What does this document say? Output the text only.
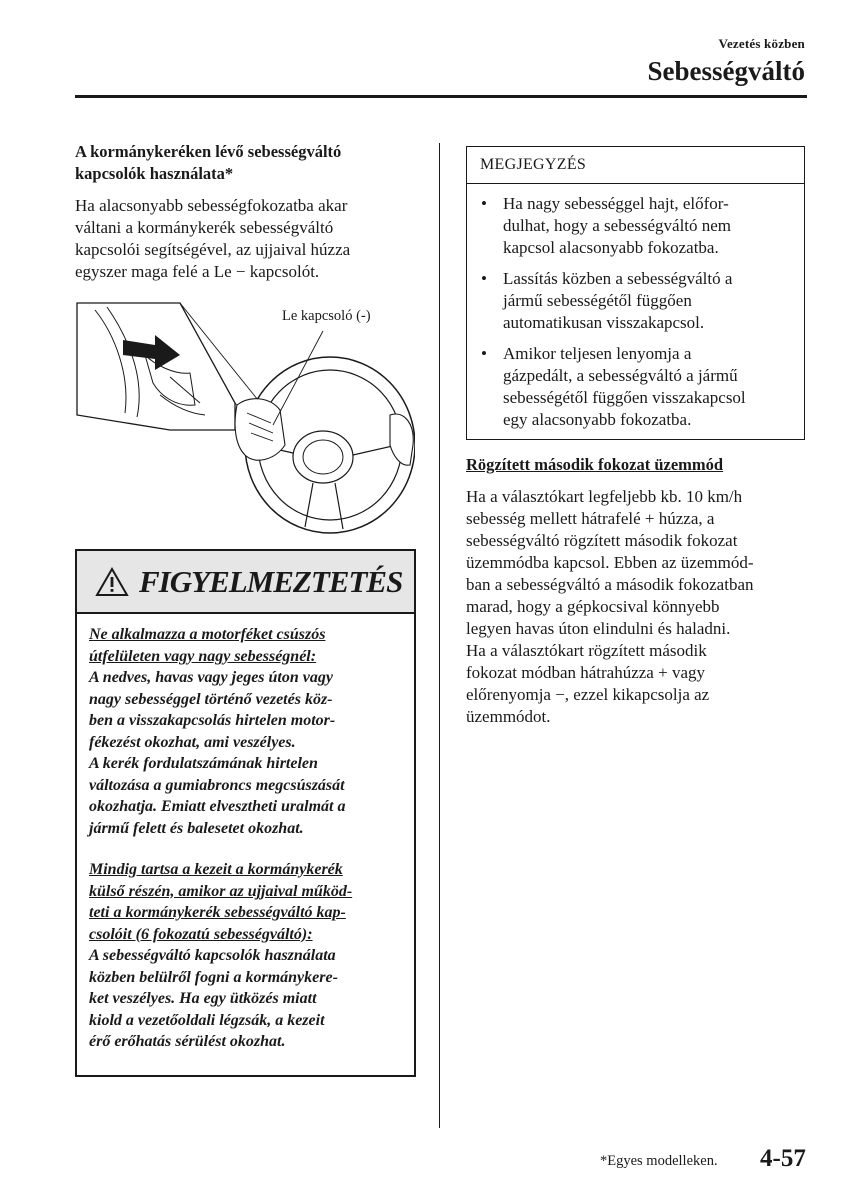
Vezetés közben
Sebességváltó
A kormánykeréken lévő sebességváltó
kapcsolók használata*
Ha alacsonyabb sebességfokozatba akar
váltani a kormánykerék sebességváltó
kapcsolói segítségével, az ujjaival húzza
egyszer maga felé a Le − kapcsolót.
Le kapcsoló (-)
FIGYELMEZTETÉS
Ne alkalmazza a motorféket csúszós
útfelületen vagy nagy sebességnél:
A nedves, havas vagy jeges úton vagy
nagy sebességgel történő vezetés köz-
ben a visszakapcsolás hirtelen motor-
fékezést okozhat, ami veszélyes.
A kerék fordulatszámának hirtelen
változása a gumiabroncs megcsúszását
okozhatja. Emiatt elvesztheti uralmát a
jármű felett és balesetet okozhat.
Mindig tartsa a kezeit a kormánykerék
külső részén, amikor az ujjaival működ-
teti a kormánykerék sebességváltó kap-
csolóit (6 fokozatú sebességváltó):
A sebességváltó kapcsolók használata
közben belülről fogni a kormánykere-
ket veszélyes. Ha egy ütközés miatt
kiold a vezetőoldali légzsák, a kezeit
érő erőhatás sérülést okozhat.
MEGJEGYZÉS
• Ha nagy sebességgel hajt, előfor-
dulhat, hogy a sebességváltó nem
kapcsol alacsonyabb fokozatba.
• Lassítás közben a sebességváltó a
jármű sebességétől függően
automatikusan visszakapcsol.
• Amikor teljesen lenyomja a
gázpedált, a sebességváltó a jármű
sebességétől függően visszakapcsol
egy alacsonyabb fokozatba.
Rögzített második fokozat üzemmód
Ha a választókart legfeljebb kb. 10 km/h
sebesség mellett hátrafelé + húzza, a
sebességváltó rögzített második fokozat
üzemmódba kapcsol. Ebben az üzemmód-
ban a sebességváltó a második fokozatban
marad, hogy a gépkocsival könnyebb
legyen havas úton elindulni és haladni.
Ha a választókart rögzített második
fokozat módban hátrahúzza + vagy
előrenyomja −, ezzel kikapcsolja az
üzemmódot.
*Egyes modelleken. 4-57
